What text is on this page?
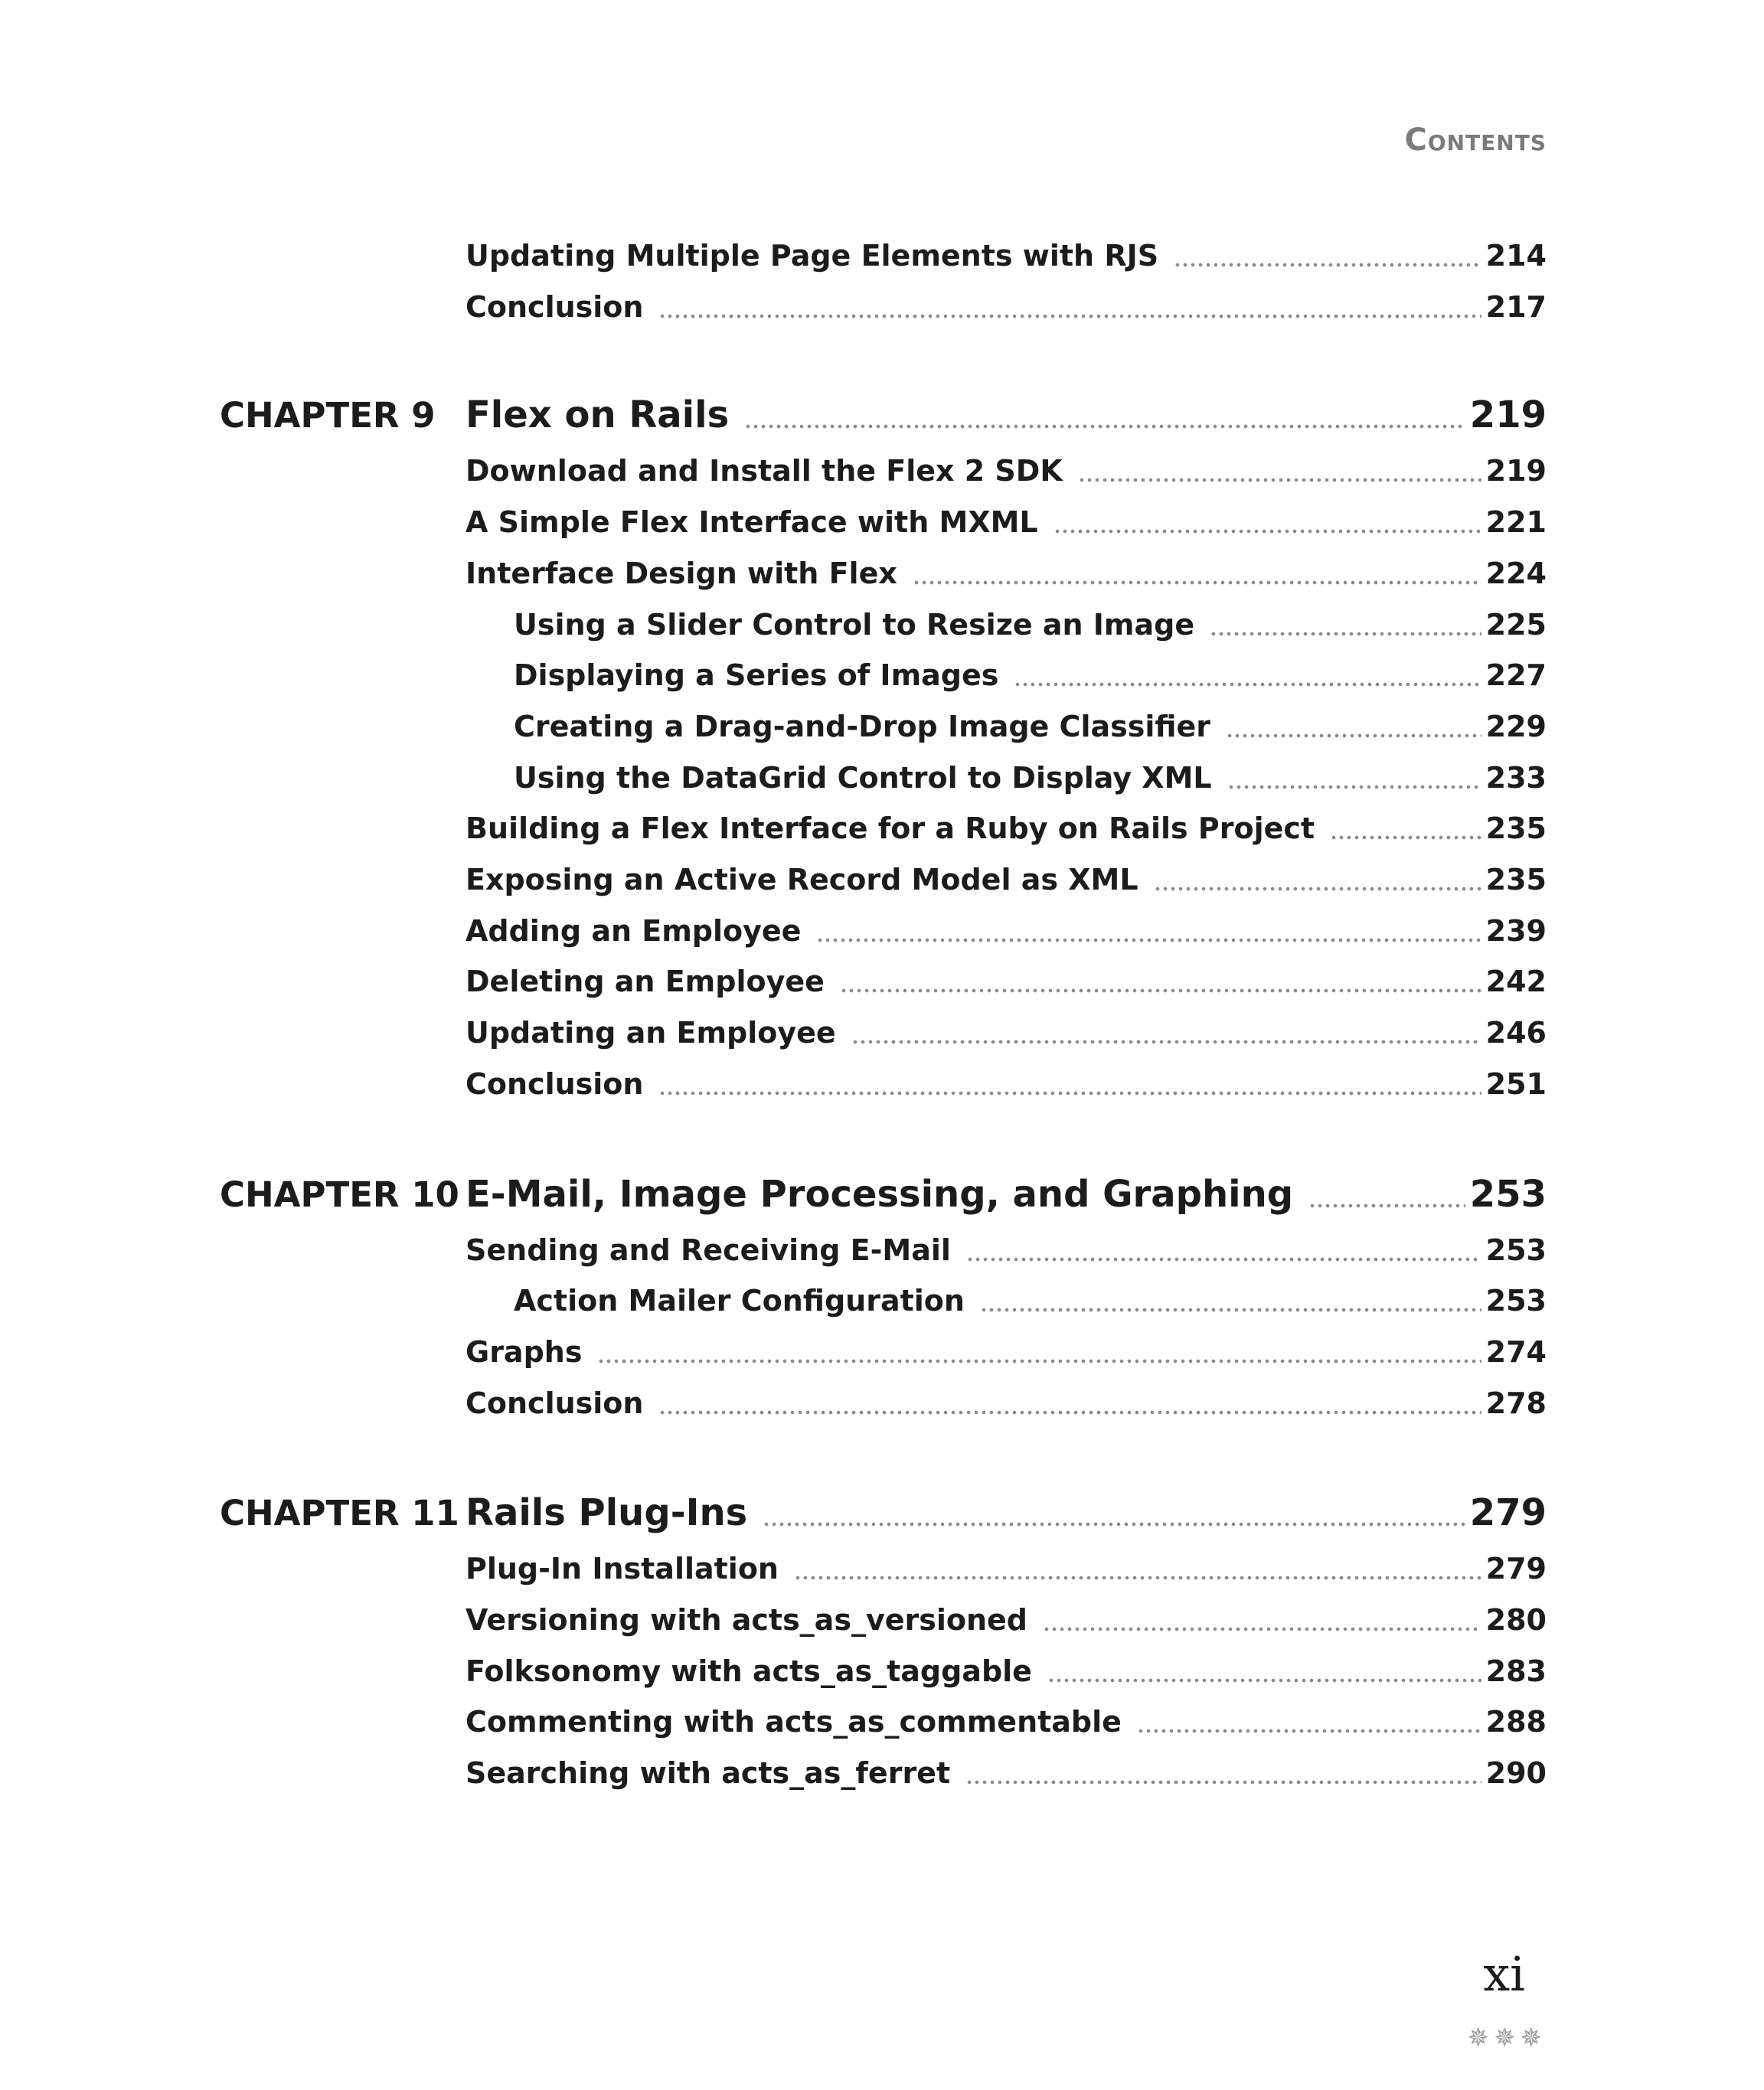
Contents
Updating Multiple Page Elements with RJS	214
Conclusion	217
CHAPTER 9 Flex on Rails	219
Download and Install the Flex 2 SDK	219
A Simple Flex Interface with MXML	221
Interface Design with Flex	224
Using a Slider Control to Resize an Image	225
Displaying a Series of Images	227
Creating a Drag-and-Drop Image Classifier	229
Using the DataGrid Control to Display XML	233
Building a Flex Interface for a Ruby on Rails Project	235
Exposing an Active Record Model as XML	235
Adding an Employee	239
Deleting an Employee	242
Updating an Employee	246
Conclusion	251
CHAPTER 10 E-Mail, Image Processing, and Graphing	253
Sending and Receiving E-Mail	253
Action Mailer Configuration	253
Graphs	274
Conclusion	278
CHAPTER 11 Rails Plug-Ins	279
Plug-In Installation	279
Versioning with acts_as_versioned	280
Folksonomy with acts_as_taggable	283
Commenting with acts_as_commentable	288
Searching with acts_as_ferret	290
xi
✵✵✵
